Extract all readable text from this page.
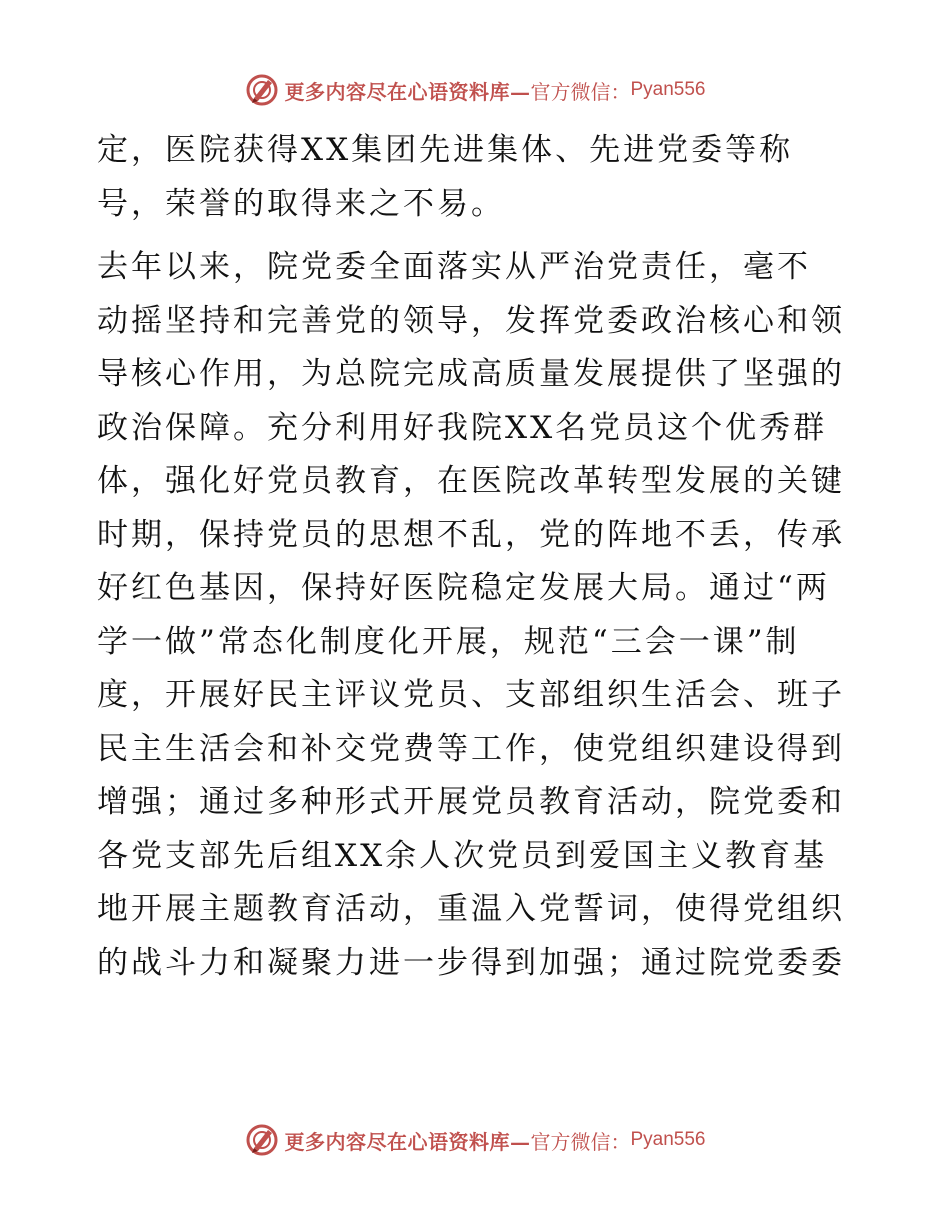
更多内容尽在心语资料库— 官方微信： Pyan556
定，医院获得XX集团先进集体、先进党委等称
号，荣誉的取得来之不易。
去年以来，院党委全面落实从严治党责任，毫不
动摇坚持和完善党的领导，发挥党委政治核心和领
导核心作用，为总院完成高质量发展提供了坚强的
政治保障。充分利用好我院XX名党员这个优秀群
体，强化好党员教育，在医院改革转型发展的关键
时期，保持党员的思想不乱，党的阵地不丢，传承
好红色基因，保持好医院稳定发展大局。通过“两
学一做”常态化制度化开展，规范“三会一课”制
度，开展好民主评议党员、支部组织生活会、班子
民主生活会和补交党费等工作，使党组织建设得到
增强；通过多种形式开展党员教育活动，院党委和
各党支部先后组XX余人次党员到爱国主义教育基
地开展主题教育活动，重温入党誓词，使得党组织
的战斗力和凝聚力进一步得到加强；通过院党委委
更多内容尽在心语资料库— 官方微信： Pyan556
